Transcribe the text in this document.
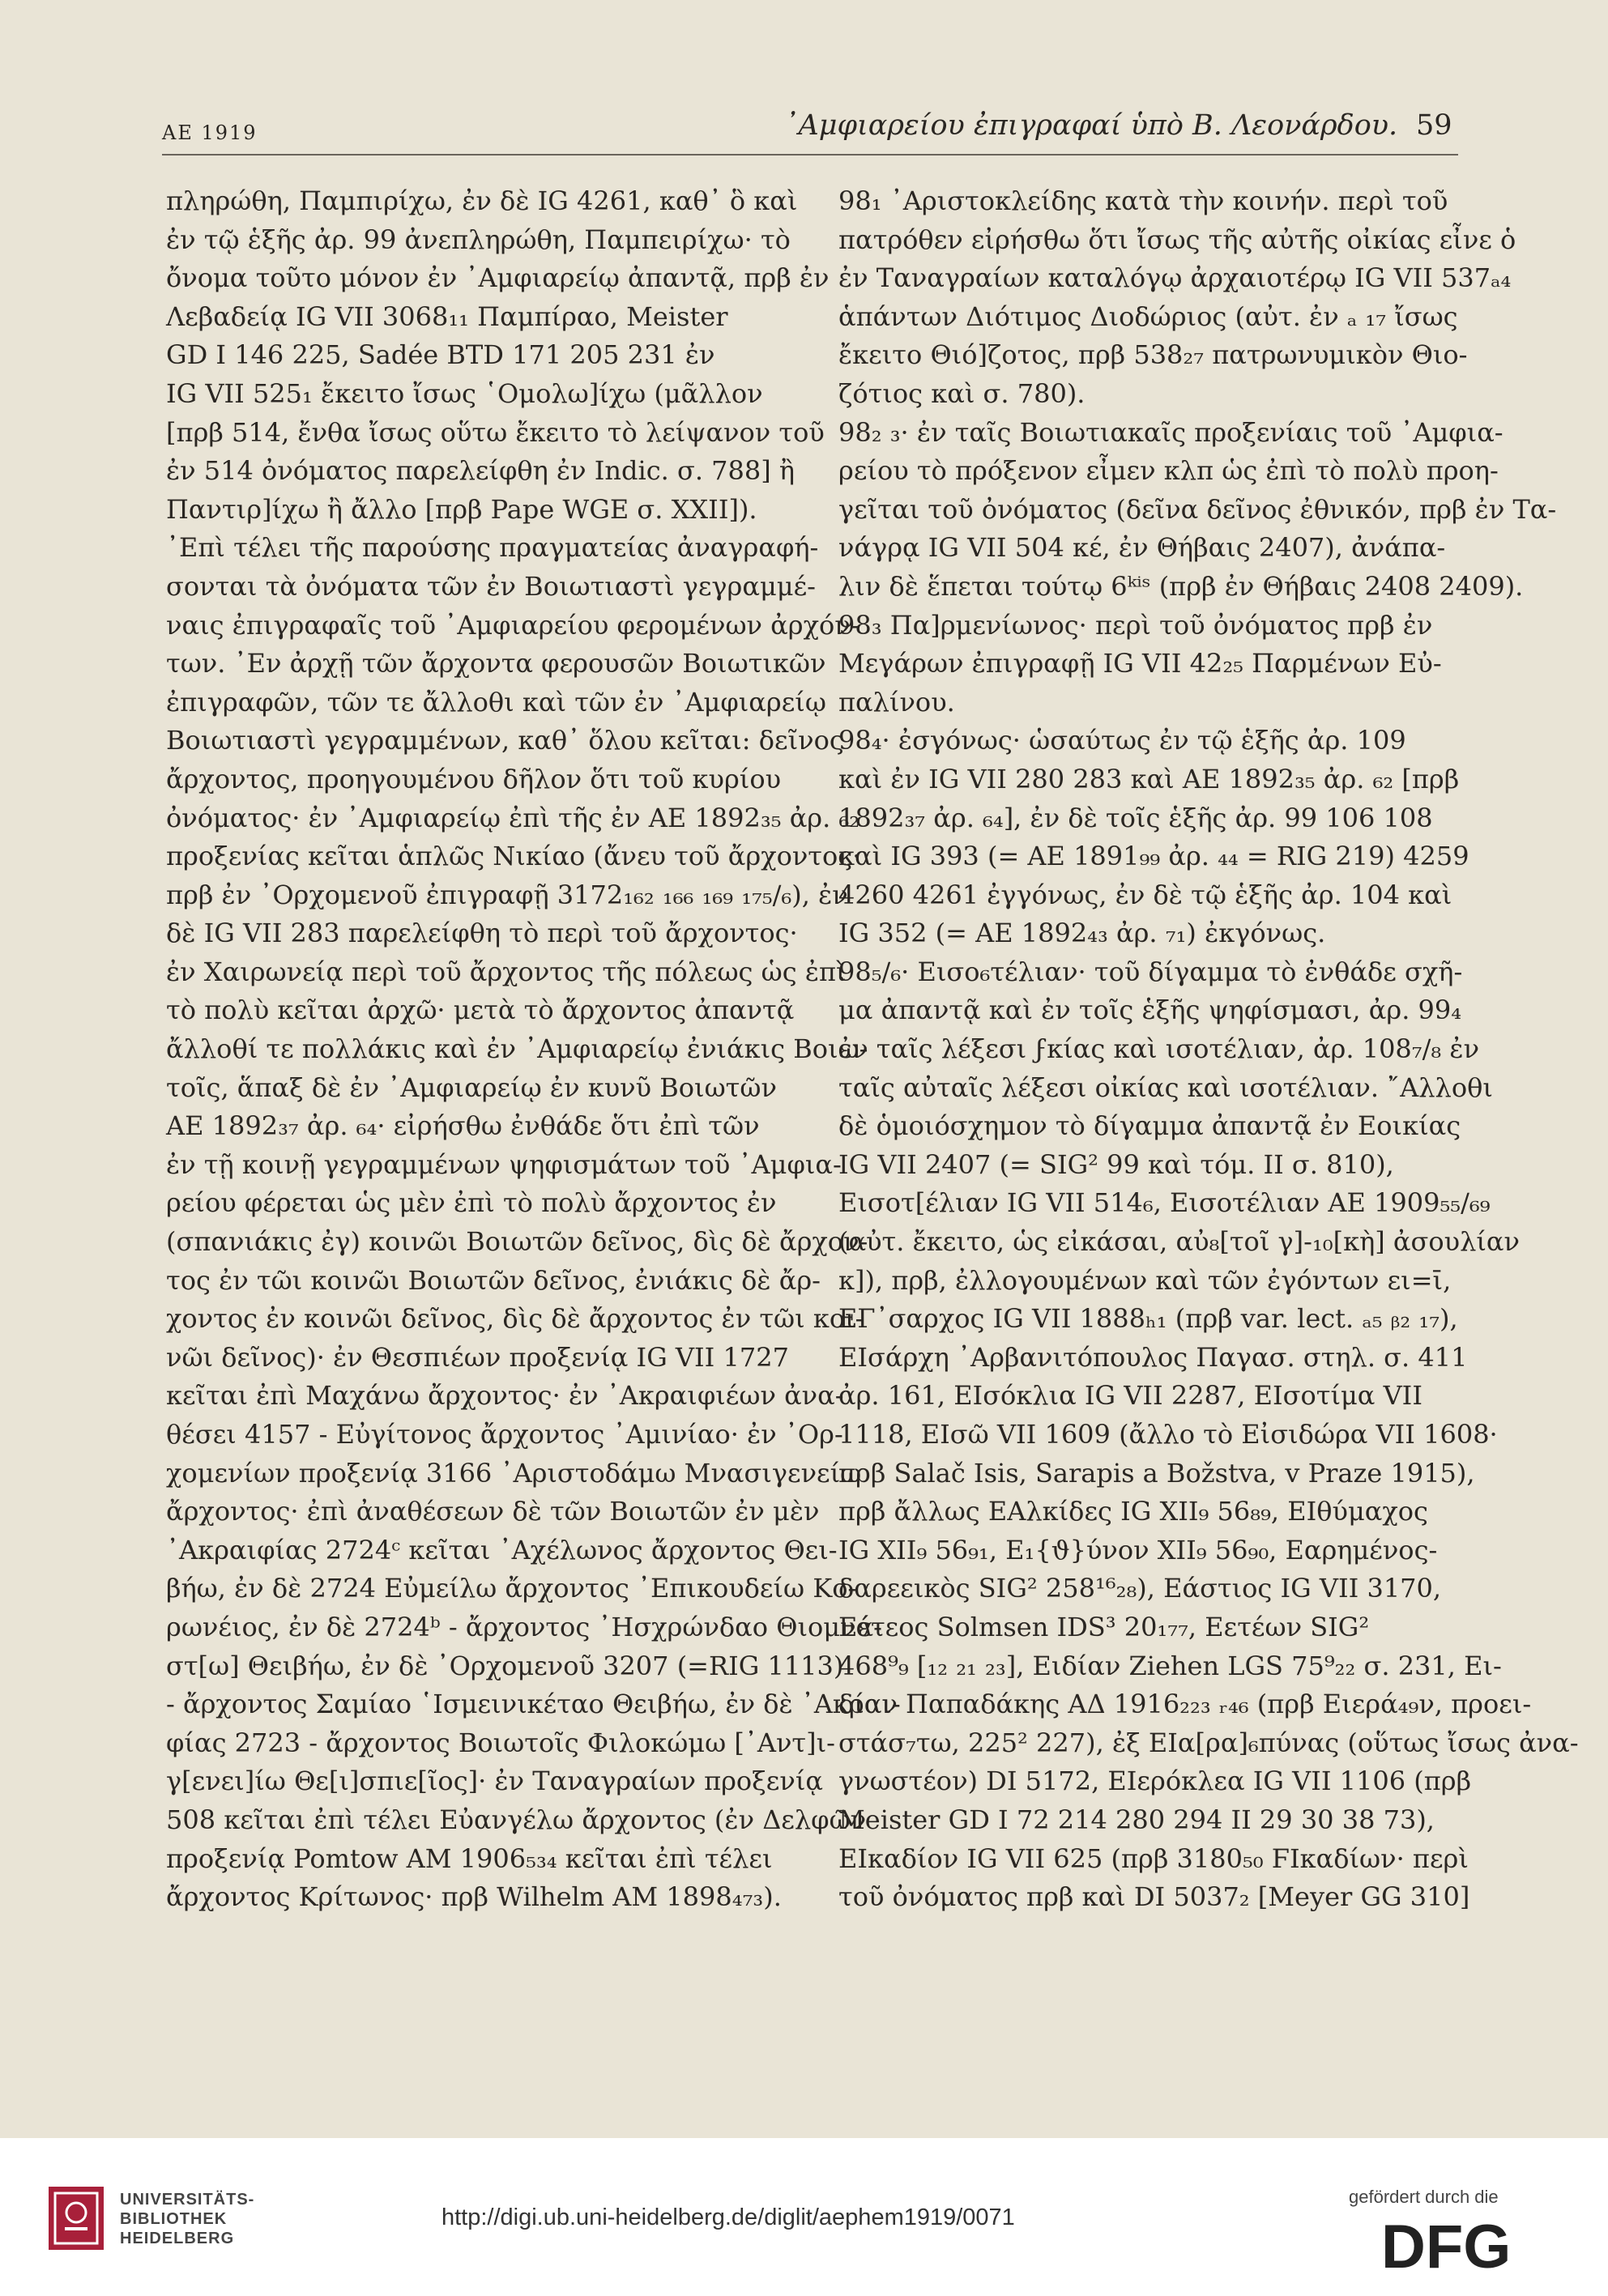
AE 1919	᾽Αμφιαρείου ἐπιγραφαί ὑπὸ Β. Λεονάρδου. 59
πληρώθη, Παμπιρίχω, ἐν δὲ IG 4261, καθ᾽ ὃ καὶ
ἐν τῷ ἑξῆς ἀρ. 99 ἀνεπληρώθη, Παμπειρίχω· τὸ
ὄνομα τοῦτο μόνον ἐν ᾽Αμφιαρείῳ ἀπαντᾷ, πρβ ἐν
Λεβαδείᾳ IG VII 3068₁₁ Παμπίραο, Meister
GD I 146 225, Sadée BTD 171 205 231 ἐν
IG VII 525₁ ἔκειτο ἴσως ῾Ομολω]ίχω (μᾶλλον
[πρβ 514, ἔνθα ἴσως οὕτω ἔκειτο τὸ λείψανον τοῦ
ἐν 514 ὀνόματος παρελείφθη ἐν Indic. σ. 788] ἢ
Παντιρ]ίχω ἢ ἄλλο [πρβ Pape WGE σ. XXII]).
᾽Επὶ τέλει τῆς παρούσης πραγματείας ἀναγραφή-
σονται τὰ ὀνόματα τῶν ἐν Βοιωτιαστὶ γεγραμμέ-
ναις ἐπιγραφαῖς τοῦ ᾽Αμφιαρείου φερομένων ἀρχόν-
των. ᾽Εν ἀρχῇ τῶν ἄρχοντα φερουσῶν Βοιωτικῶν
ἐπιγραφῶν, τῶν τε ἄλλοθι καὶ τῶν ἐν ᾽Αμφιαρείῳ
Βοιωτιαστὶ γεγραμμένων, καθ᾽ ὅλου κεῖται: δεῖνος
ἄρχοντος, προηγουμένου δῆλον ὅτι τοῦ κυρίου
ὀνόματος· ἐν ᾽Αμφιαρείῳ ἐπὶ τῆς ἐν AE 1892₃₅ ἀρ. ₆₂
προξενίας κεῖται ἁπλῶς Νικίαο (ἄνευ τοῦ ἄρχοντος·
πρβ ἐν ᾽Ορχομενοῦ ἐπιγραφῇ 3172₁₆₂ ₁₆₆ ₁₆₉ ₁₇₅/₆), ἐν
δὲ IG VII 283 παρελείφθη τὸ περὶ τοῦ ἄρχοντος·
ἐν Χαιρωνείᾳ περὶ τοῦ ἄρχοντος τῆς πόλεως ὡς ἐπὶ
τὸ πολὺ κεῖται ἀρχῶ· μετὰ τὸ ἄρχοντος ἀπαντᾷ
ἄλλοθί τε πολλάκις καὶ ἐν ᾽Αμφιαρείῳ ἐνιάκις Βοιω-
τοῖς, ἅπαξ δὲ ἐν ᾽Αμφιαρείῳ ἐν κυνῦ Βοιωτῶν
AE 1892₃₇ ἀρ. ₆₄· εἰρήσθω ἐνθάδε ὅτι ἐπὶ τῶν
ἐν τῇ κοινῇ γεγραμμένων ψηφισμάτων τοῦ ᾽Αμφια-
ρείου φέρεται ὡς μὲν ἐπὶ τὸ πολὺ ἄρχοντος ἐν
(σπανιάκις ἐγ) κοινῶι Βοιωτῶν δεῖνος, δὶς δὲ ἄρχον-
τος ἐν τῶι κοινῶι Βοιωτῶν δεῖνος, ἐνιάκις δὲ ἄρ-
χοντος ἐν κοινῶι δεῖνος, δὶς δὲ ἄρχοντος ἐν τῶι κοι-
νῶι δεῖνος)· ἐν Θεσπιέων προξενίᾳ IG VII 1727
κεῖται ἐπὶ Μαχάνω ἄρχοντος· ἐν ᾽Ακραιφιέων ἀνα-
θέσει 4157 - Εὐγίτονος ἄρχοντος ᾽Αμινίαο· ἐν ᾽Ορ-
χομενίων προξενίᾳ 3166 ᾽Αριστοδάμω Μνασιγενείω
ἄρχοντος· ἐπὶ ἀναθέσεων δὲ τῶν Βοιωτῶν ἐν μὲν
᾽Ακραιφίας 2724ᶜ κεῖται ᾽Αχέλωνος ἄρχοντος Θει-
βήω, ἐν δὲ 2724 Εὐμείλω ἄρχοντος ᾽Επικουδείω Κο-
ρωνέιος, ἐν δὲ 2724ᵇ - ἄρχοντος ᾽Ησχρώνδαο Θιομνά-
στ[ω] Θειβήω, ἐν δὲ ᾽Ορχομενοῦ 3207 (=RIG 1113)
- ἄρχοντος Σαμίαο ῾Ισμεινικέταο Θειβήω, ἐν δὲ ᾽Ακραι-
φίας 2723 - ἄρχοντος Βοιωτοῖς Φιλοκώμω [᾽Αντ]ι-
γ[ενει]ίω Θε[ι]σπιε[ῖος]· ἐν Ταναγραίων προξενίᾳ
508 κεῖται ἐπὶ τέλει Εὐανγέλω ἄρχοντος (ἐν Δελφῶν
προξενίᾳ Pomtow AM 1906₅₃₄ κεῖται ἐπὶ τέλει
ἄρχοντος Κρίτωνος· πρβ Wilhelm AM 1898₄₇₃).
98₁ ᾽Αριστοκλείδης κατὰ τὴν κοινήν. περὶ τοῦ
πατρόθεν εἰρήσθω ὅτι ἴσως τῆς αὐτῆς οἰκίας εἶνε ὁ
ἐν Ταναγραίων καταλόγῳ ἀρχαιοτέρῳ IG VII 537ₐ₄
ἁπάντων Διότιμος Διοδώριος (αὐτ. ἐν ₐ ₁₇ ἴσως
ἔκειτο Θιό]ζοτος, πρβ 538₂₇ πατρωνυμικὸν Θιο-
ζότιος καὶ σ. 780).
98₂ ₃· ἐν ταῖς Βοιωτιακαῖς προξενίαις τοῦ ᾽Αμφια-
ρείου τὸ πρόξενον εἶμεν κλπ ὡς ἐπὶ τὸ πολὺ προη-
γεῖται τοῦ ὀνόματος (δεῖνα δεῖνος ἐθνικόν, πρβ ἐν Τα-
νάγρᾳ IG VII 504 κέ, ἐν Θήβαις 2407), ἀνάπα-
λιν δὲ ἕπεται τούτῳ 6ᵏⁱˢ (πρβ ἐν Θήβαις 2408 2409).
98₃ Πα]ρμενίωνος· περὶ τοῦ ὀνόματος πρβ ἐν
Μεγάρων ἐπιγραφῇ IG VII 42₂₅ Παρμένων Εὐ-
παλίνου.
98₄· ἐσγόνως· ὡσαύτως ἐν τῷ ἑξῆς ἀρ. 109
καὶ ἐν IG VII 280 283 καὶ AE 1892₃₅ ἀρ. ₆₂ [πρβ
1892₃₇ ἀρ. ₆₄], ἐν δὲ τοῖς ἑξῆς ἀρ. 99 106 108
καὶ IG 393 (= AE 1891₉₉ ἀρ. ₄₄ = RIG 219) 4259
4260 4261 ἐγγόνως, ἐν δὲ τῷ ἑξῆς ἀρ. 104 καὶ
IG 352 (= AE 1892₄₃ ἀρ. ₇₁) ἐκγόνως.
98₅/₆· Εισο₆τέλιαν· τοῦ δίγαμμα τὸ ἐνθάδε σχῆ-
μα ἀπαντᾷ καὶ ἐν τοῖς ἑξῆς ψηφίσμασι, ἀρ. 99₄
ἐν ταῖς λέξεσι ϝκίας καὶ ισοτέλιαν, ἀρ. 108₇/₈ ἐν
ταῖς αὐταῖς λέξεσι οἰκίας καὶ ισοτέλιαν. ῎Αλλοθι
δὲ ὁμοιόσχημον τὸ δίγαμμα ἀπαντᾷ ἐν Εοικίας
IG VII 2407 (= SIG² 99 καὶ τόμ. II σ. 810),
Εισοτ[έλιαν IG VII 514₆, Εισοτέλιαν AE 1909₅₅/₆₉
(αὐτ. ἔκειτο, ὡς εἰκάσαι, αὐ₈[τοῖ γ]-₁₀[κὴ] ἀσουλίαν
κ]), πρβ, ἐλλογουμένων καὶ τῶν ἐγόντων ει=ῑ,
ΕΓ᾽σαρχος IG VII 1888ₕ₁ (πρβ var. lect. ₐ₅ ᵦ₂ ₁₇),
ΕΙσάρχη ᾽Αρβανιτόπουλος Παγασ. στηλ. σ. 411
ἀρ. 161, ΕΙσόκλια IG VII 2287, ΕΙσοτίμα VII
1118, ΕΙσῶ VII 1609 (ἄλλο τὸ Εἰσιδώρα VII 1608·
πρβ Salač Isis, Sarapis a Božstva, v Praze 1915),
πρβ ἄλλως ΕΑλκίδες IG XII₉ 56₈₉, ΕΙθύμαχος
IG XII₉ 56₉₁, Ε₁{ϑ}ύνον XII₉ 56₉₀, Εαρημένος-
δαρεεικὸς SIG² 258¹⁶₂₈), Εάστιος IG VII 3170,
Εέτεος Solmsen IDS³ 20₁₇₇, Εετέων SIG²
468⁹₉ [₁₂ ₂₁ ₂₃], Ειδίαν Ziehen LGS 75⁹₂₂ σ. 231, Ει-
δίαν Παπαδάκης ΑΔ 1916₂₂₃ ᵣ₄₆ (πρβ Ειερά₄₉ν, προει-
στάσ₇τω, 225² 227), ἐξ ΕΙα[ρα]₆πύνας (οὕτως ἴσως ἀνα-
γνωστέον) DI 5172, ΕΙερόκλεα IG VII 1106 (πρβ
Meister GD I 72 214 280 294 II 29 30 38 73),
ΕΙκαδίον IG VII 625 (πρβ 3180₅₀ ϜΙκαδίων· περὶ
τοῦ ὀνόματος πρβ καὶ DI 5037₂ [Meyer GG 310]
UNIVERSITÄTS-
BIBLIOTHEK
HEIDELBERG
http://digi.ub.uni-heidelberg.de/diglit/aephem1919/0071
gefördert durch die
DFG
